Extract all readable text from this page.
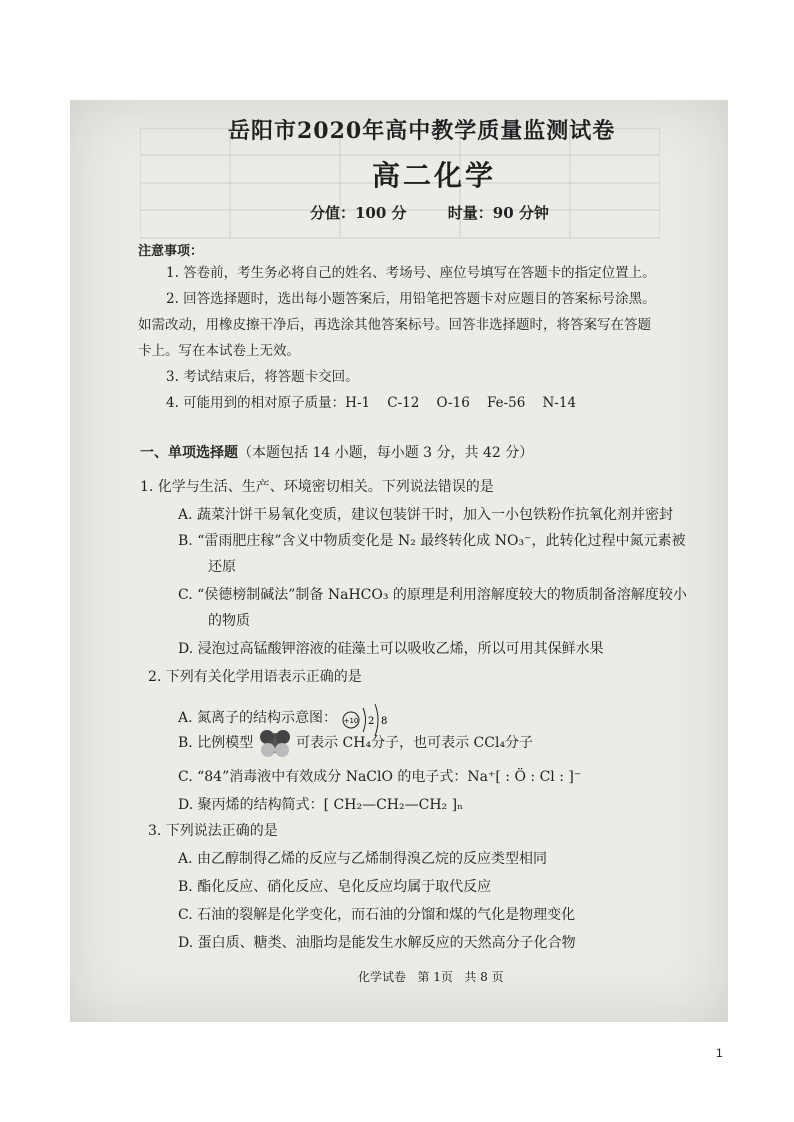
岳阳市2020年高中教学质量监测试卷
高二化学
分值：100 分	时量：90 分钟
注意事项：
1. 答卷前，考生务必将自己的姓名、考场号、座位号填写在答题卡的指定位置上。
2. 回答选择题时，选出每小题答案后，用铅笔把答题卡对应题目的答案标号涂黑。
如需改动，用橡皮擦干净后，再选涂其他答案标号。回答非选择题时，将答案写在答题
卡上。写在本试卷上无效。
3. 考试结束后，将答题卡交回。
4. 可能用到的相对原子质量：H-1    C-12    O-16    Fe-56    N-14
一、单项选择题（本题包括 14 小题，每小题 3 分，共 42 分）
1. 化学与生活、生产、环境密切相关。下列说法错误的是
A. 蔬菜汁饼干易氧化变质，建议包装饼干时，加入一小包铁粉作抗氧化剂并密封
B. “雷雨肥庄稼”含义中物质变化是 N₂ 最终转化成 NO₃⁻，此转化过程中氮元素被
还原
C. “侯德榜制碱法”制备 NaHCO₃ 的原理是利用溶解度较大的物质制备溶解度较小
的物质
D. 浸泡过高锰酸钾溶液的硅藻土可以吸收乙烯，所以可用其保鲜水果
2. 下列有关化学用语表示正确的是
A. 氮离子的结构示意图： +10 2 8
B. 比例模型	可表示 CH₄分子，也可表示 CCl₄分子
C. “84”消毒液中有效成分 NaClO 的电子式：Na⁺[ : Ö : Cl : ]⁻
D. 聚丙烯的结构简式：[ CH₂—CH₂—CH₂ ]ₙ
3. 下列说法正确的是
A. 由乙醇制得乙烯的反应与乙烯制得溴乙烷的反应类型相同
B. 酯化反应、硝化反应、皂化反应均属于取代反应
C. 石油的裂解是化学变化，而石油的分馏和煤的气化是物理变化
D. 蛋白质、糖类、油脂均是能发生水解反应的天然高分子化合物
化学试卷   第 1页   共 8 页
1
